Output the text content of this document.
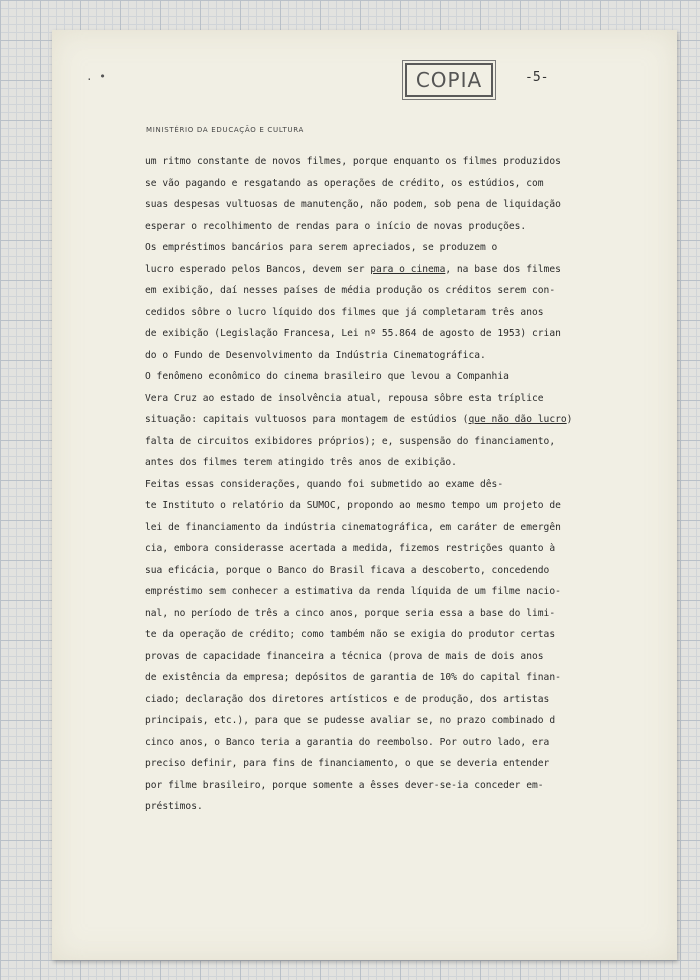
. •	COPIA	-5-
MINISTÉRIO DA EDUCAÇÃO E CULTURA
um ritmo constante de novos filmes, porque enquanto os filmes produzidos
se vão pagando e resgatando as operações de crédito, os estúdios, com
suas despesas vultuosas de manutenção, não podem, sob pena de liquidação
esperar o recolhimento de rendas para o início de novas produções.
Os empréstimos bancários para serem apreciados, se produzem o
lucro esperado pelos Bancos, devem ser para o cinema, na base dos filmes
em exibição, daí nesses países de média produção os créditos serem con-
cedidos sôbre o lucro líquido dos filmes que já completaram três anos
de exibição (Legislação Francesa, Lei nº 55.864 de agosto de 1953) crian
do o Fundo de Desenvolvimento da Indústria Cinematográfica.
O fenômeno econômico do cinema brasileiro que levou a Companhia
Vera Cruz ao estado de insolvência atual, repousa sôbre esta tríplice
situação: capitais vultuosos para montagem de estúdios (que não dão lucro)
falta de circuitos exibidores próprios); e, suspensão do financiamento,
antes dos filmes terem atingido três anos de exibição.
Feitas essas considerações, quando foi submetido ao exame dês-
te Instituto o relatório da SUMOC, propondo ao mesmo tempo um projeto de
lei de financiamento da indústria cinematográfica, em caráter de emergên
cia, embora considerasse acertada a medida, fizemos restrições quanto à
sua eficácia, porque o Banco do Brasil ficava a descoberto, concedendo
empréstimo sem conhecer a estimativa da renda líquida de um filme nacio-
nal, no período de três a cinco anos, porque seria essa a base do limi-
te da operação de crédito; como também não se exigia do produtor certas
provas de capacidade financeira a técnica (prova de mais de dois anos
de existência da empresa; depósitos de garantia de 10% do capital finan-
ciado; declaração dos diretores artísticos e de produção, dos artistas
principais, etc.), para que se pudesse avaliar se, no prazo combinado d
cinco anos, o Banco teria a garantia do reembolso. Por outro lado, era
preciso definir, para fins de financiamento, o que se deveria entender
por filme brasileiro, porque somente a êsses dever-se-ia conceder em-
préstimos.
